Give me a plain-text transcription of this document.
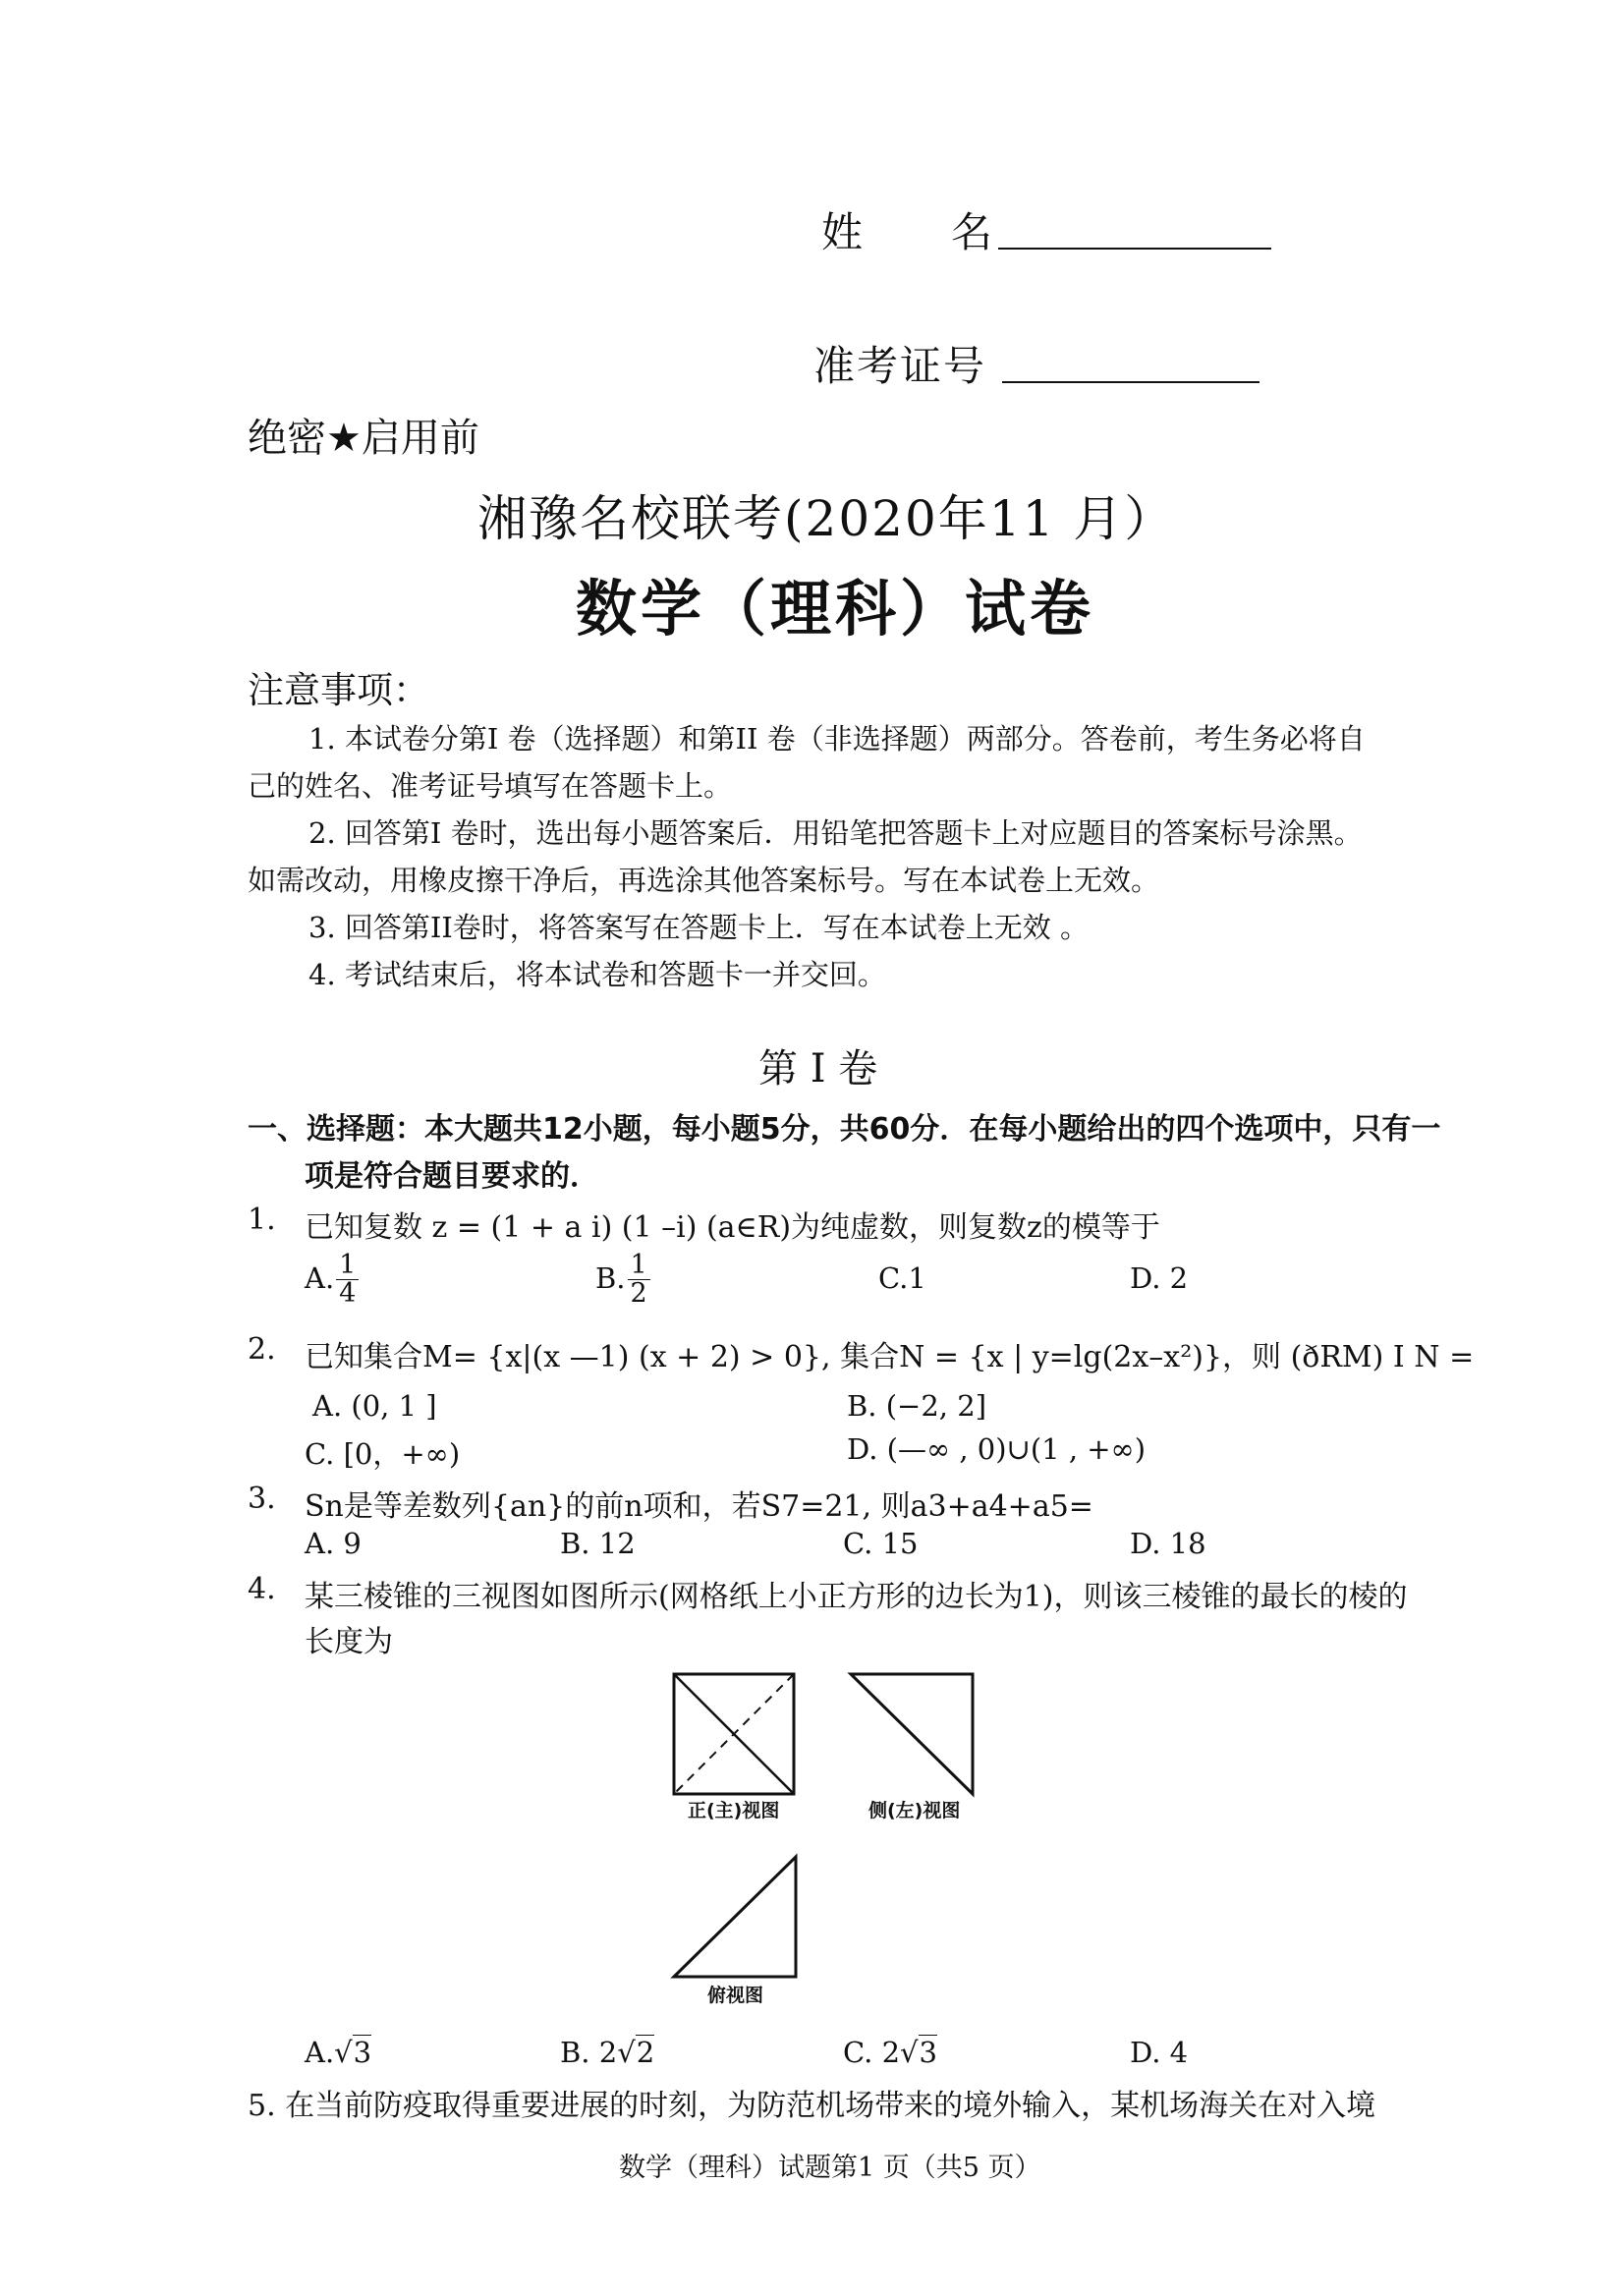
姓　　名
准考证号
绝密★启用前
湘豫名校联考(2020年11 月）
数学（理科）试卷
注意事项：
1. 本试卷分第I 卷（选择题）和第II 卷（非选择题）两部分。答卷前，考生务必将自
己的姓名、准考证号填写在答题卡上。
2. 回答第I 卷时，选出每小题答案后．用铅笔把答题卡上对应题目的答案标号涂黑。
如需改动，用橡皮擦干净后，再选涂其他答案标号。写在本试卷上无效。
3. 回答第II卷时，将答案写在答题卡上．写在本试卷上无效 。
4. 考试结束后，将本试卷和答题卡一并交回。
第 I 卷
一、选择题：本大题共12小题，每小题5分，共60分．在每小题给出的四个选项中，只有一
项是符合题目要求的．
1. 已知复数 z = (1 + a i) (1 –i) (a∈R)为纯虚数，则复数z的模等于
A. $\frac{1}{4}$	B. $\frac{1}{2}$	C.1	D. 2
2. 已知集合M= {x|(x —1) (x + 2) > 0}, 集合N = {x | y=lg(2x–x²)}，则 (ðRM) I N =
A. (0, 1 ]	B. (−2, 2]
C. [0，+∞)	D. (—∞ , 0)∪(1 , +∞)
3. Sn是等差数列{an}的前n项和，若S7=21, 则a3+a4+a5=
A. 9	B. 12	C. 15	D. 18
4. 某三棱锥的三视图如图所示(网格纸上小正方形的边长为1)，则该三棱锥的最长的棱的
长度为
正(主)视图	侧(左)视图
俯视图
A.√3	B. 2√2	C. 2√3	D. 4
5. 在当前防疫取得重要进展的时刻，为防范机场带来的境外输入，某机场海关在对入境
数学（理科）试题第1 页（共5 页）
